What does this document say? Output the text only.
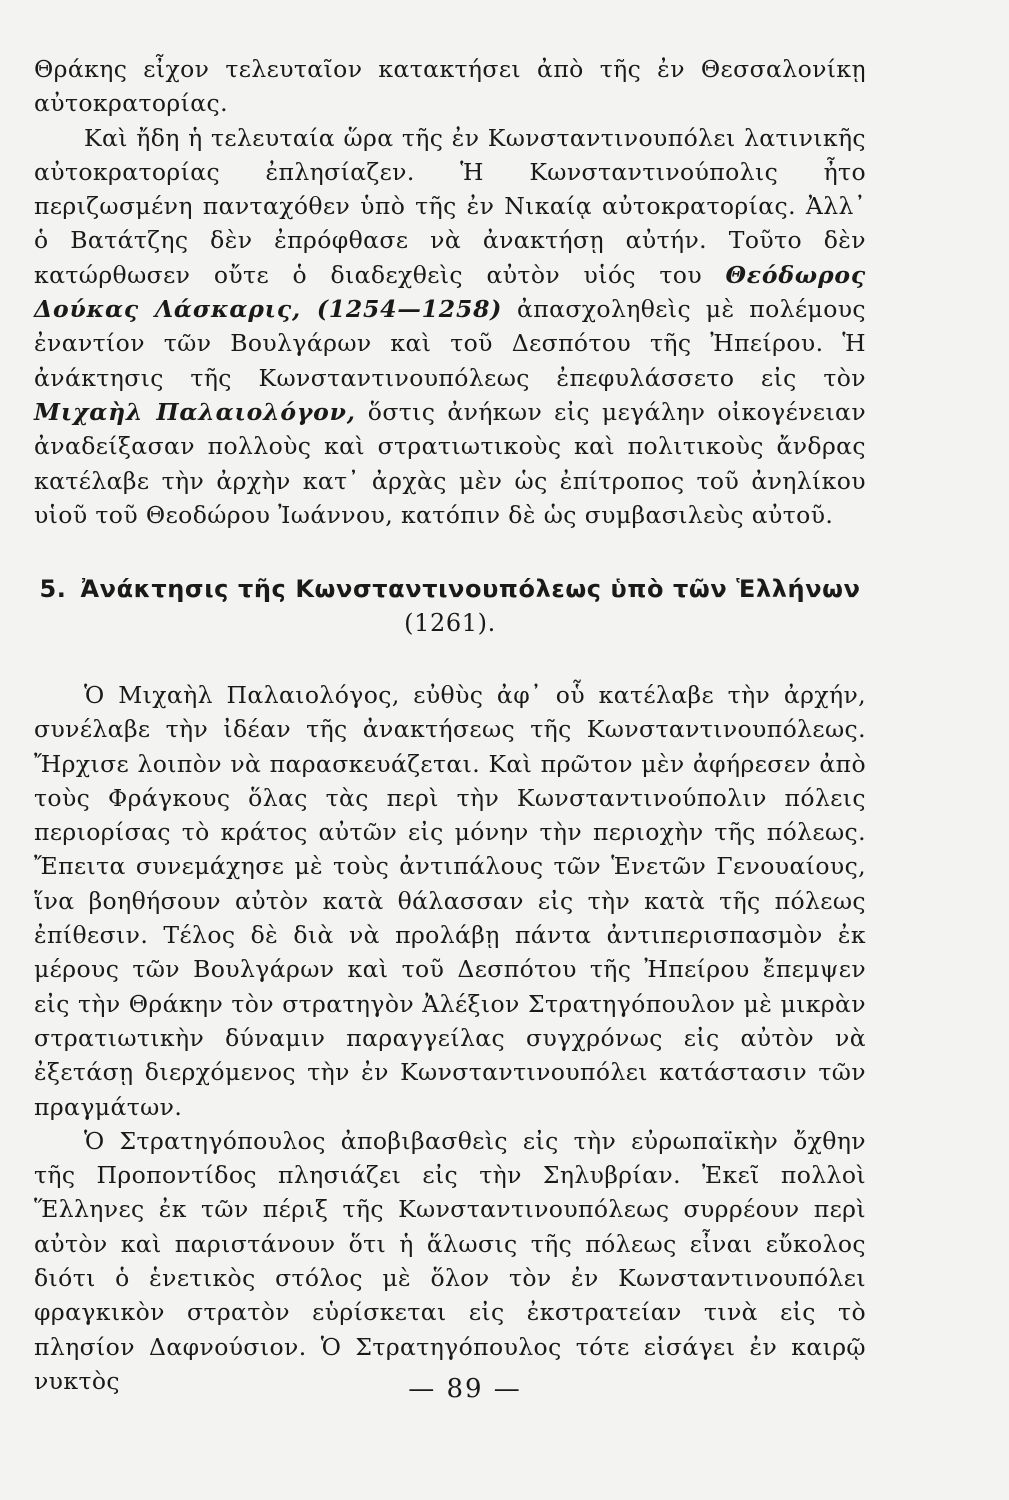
Θράκης εἶχον τελευταῖον κατακτήσει ἀπὸ τῆς ἐν Θεσσαλονίκῃ αὐτοκρατορίας.

Καὶ ἤδη ἡ τελευταία ὥρα τῆς ἐν Κωνσταντινουπόλει λατινικῆς αὐτοκρατορίας ἐπλησίαζεν. Ἡ Κωνσταντινούπολις ἦτο περιζωσμένη πανταχόθεν ὑπὸ τῆς ἐν Νικαίᾳ αὐτοκρατορίας. Ἀλλ᾽ ὁ Βατάτζης δὲν ἐπρόφθασε νὰ ἀνακτήσῃ αὐτήν. Τοῦτο δὲν κατώρθωσεν οὔτε ὁ διαδεχθεὶς αὐτὸν υἱός του Θεόδωρος Δούκας Λάσκαρις, (1254—1258) ἀπασχοληθεὶς μὲ πολέμους ἐναντίον τῶν Βουλγάρων καὶ τοῦ Δεσπότου τῆς Ἠπείρου. Ἡ ἀνάκτησις τῆς Κωνσταντινουπόλεως ἐπεφυλάσσετο εἰς τὸν Μιχαὴλ Παλαιολόγον, ὅστις ἀνήκων εἰς μεγάλην οἰκογένειαν ἀναδείξασαν πολλοὺς καὶ στρατιωτικοὺς καὶ πολιτικοὺς ἄνδρας κατέλαβε τὴν ἀρχὴν κατ᾽ ἀρχὰς μὲν ὡς ἐπίτροπος τοῦ ἀνηλίκου υἱοῦ τοῦ Θεοδώρου Ἰωάννου, κατόπιν δὲ ὡς συμβασιλεὺς αὐτοῦ.

5. Ἀνάκτησις τῆς Κωνσταντινουπόλεως ὑπὸ τῶν Ἑλλήνων (1261).

Ὁ Μιχαὴλ Παλαιολόγος, εὐθὺς ἀφ᾽ οὗ κατέλαβε τὴν ἀρχήν, συνέλαβε τὴν ἰδέαν τῆς ἀνακτήσεως τῆς Κωνσταντινουπόλεως. Ἤρχισε λοιπὸν νὰ παρασκευάζεται. Καὶ πρῶτον μὲν ἀφήρεσεν ἀπὸ τοὺς Φράγκους ὅλας τὰς περὶ τὴν Κωνσταντινούπολιν πόλεις περιορίσας τὸ κράτος αὐτῶν εἰς μόνην τὴν περιοχὴν τῆς πόλεως. Ἔπειτα συνεμάχησε μὲ τοὺς ἀντιπάλους τῶν Ἑνετῶν Γενουαίους, ἵνα βοηθήσουν αὐτὸν κατὰ θάλασσαν εἰς τὴν κατὰ τῆς πόλεως ἐπίθεσιν. Τέλος δὲ διὰ νὰ προλάβῃ πάντα ἀντιπερισπασμὸν ἐκ μέρους τῶν Βουλγάρων καὶ τοῦ Δεσπότου τῆς Ἠπείρου ἔπεμψεν εἰς τὴν Θράκην τὸν στρατηγὸν Ἀλέξιον Στρατηγόπουλον μὲ μικρὰν στρατιωτικὴν δύναμιν παραγγείλας συγχρόνως εἰς αὐτὸν νὰ ἐξετάσῃ διερχόμενος τὴν ἐν Κωνσταντινουπόλει κατάστασιν τῶν πραγμάτων.

Ὁ Στρατηγόπουλος ἀποβιβασθεὶς εἰς τὴν εὐρωπαϊκὴν ὄχθην τῆς Προποντίδος πλησιάζει εἰς τὴν Σηλυβρίαν. Ἐκεῖ πολλοὶ Ἕλληνες ἐκ τῶν πέριξ τῆς Κωνσταντινουπόλεως συρρέουν περὶ αὐτὸν καὶ παριστάνουν ὅτι ἡ ἅλωσις τῆς πόλεως εἶναι εὔκολος διότι ὁ ἑνετικὸς στόλος μὲ ὅλον τὸν ἐν Κωνσταντινουπόλει φραγκικὸν στρατὸν εὑρίσκεται εἰς ἐκστρατείαν τινὰ εἰς τὸ πλησίον Δαφνούσιον. Ὁ Στρατηγόπουλος τότε εἰσάγει ἐν καιρῷ νυκτὸς	— 89 —
